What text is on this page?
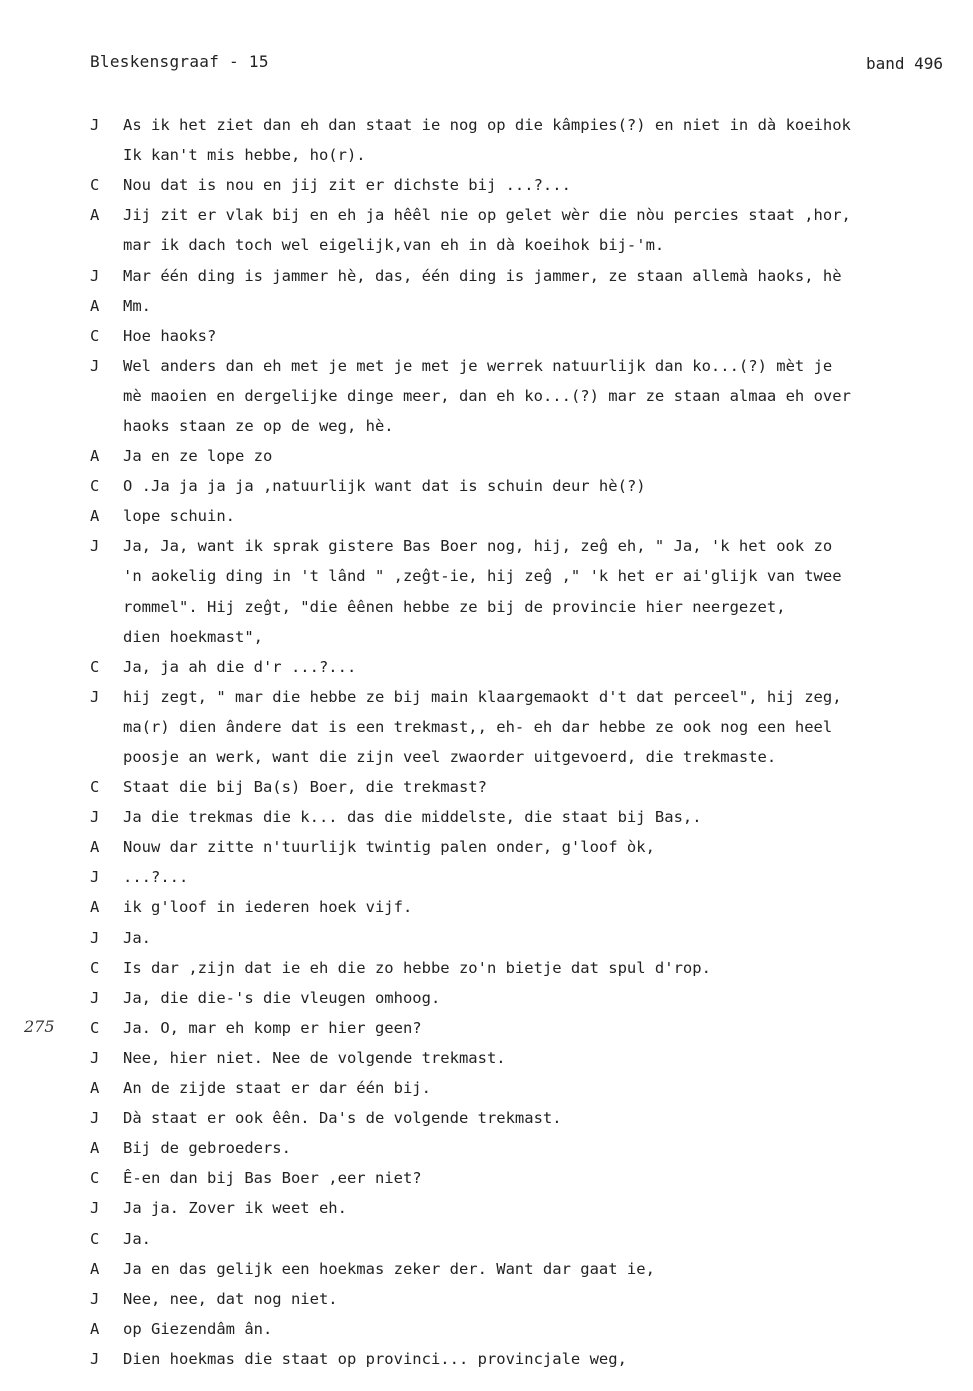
Bleskensgraaf - 15	band 496
275
J	As ik het ziet dan eh dan staat ie nog op die kâmpies(?) en niet in dà koeihok
Ik kan't mis hebbe, ho(r).
C	Nou dat is nou en jij zit er dichste bij ...?...
A	Jij zit er vlak bij en eh ja hêêl nie op gelet wèr die nòu percies staat ,hor,
mar ik dach toch wel eigelijk,van eh in dà koeihok bij-'m.
J	Mar één ding is jammer hè, das, één ding is jammer, ze staan allemà haoks, hè
A	Mm.
C	Hoe haoks?
J	Wel anders dan eh met je met je met je werrek natuurlijk dan ko...(?) mèt je
mè maoien en dergelijke dinge meer, dan eh ko...(?) mar ze staan almaa eh over
haoks staan ze op de weg, hè.
A	Ja en ze lope zo
C	O .Ja ja ja ja ,natuurlijk want dat is schuin deur hè(?)
A	lope schuin.
J	Ja, Ja, want ik sprak gistere Bas Boer nog, hij, zeĝ eh, " Ja, 'k het ook zo
'n aokelig ding in 't lând " ,zeĝt-ie, hij zeĝ ," 'k het er ai'glijk van twee
rommel". Hij zeĝt, "die êênen hebbe ze bij de provincie hier neergezet,
dien hoekmast",
C	Ja, ja ah die d'r ...?...
J	hij zegt, " mar die hebbe ze bij main klaargemaokt d't dat perceel", hij zeg,
ma(r) dien ândere dat is een trekmast,, eh- eh dar hebbe ze ook nog een heel
poosje an werk, want die zijn veel zwaorder uitgevoerd, die trekmaste.
C	Staat die bij Ba(s) Boer, die trekmast?
J	Ja die trekmas die k... das die middelste, die staat bij Bas,.
A	Nouw dar zitte n'tuurlijk twintig palen onder, g'loof òk,
J	...?...
A	ik g'loof in iederen hoek vijf.
J	Ja.
C	Is dar ,zijn dat ie eh die zo hebbe zo'n bietje dat spul d'rop.
J	Ja, die die-'s die vleugen omhoog.
C	Ja. O, mar eh komp er hier geen?
J	Nee, hier niet. Nee de volgende trekmast.
A	An de zijde staat er dar één bij.
J	Dà staat er ook êên. Da's de volgende trekmast.
A	Bij de gebroeders.
C	Ê-en dan bij Bas Boer ,eer niet?
J	Ja ja. Zover ik weet eh.
C	Ja.
A	Ja en das gelijk een hoekmas zeker der. Want dar gaat ie,
J	Nee, nee, dat nog niet.
A	op Giezendâm ân.
J	Dien hoekmas die staat op provinci... provincjale weg,
